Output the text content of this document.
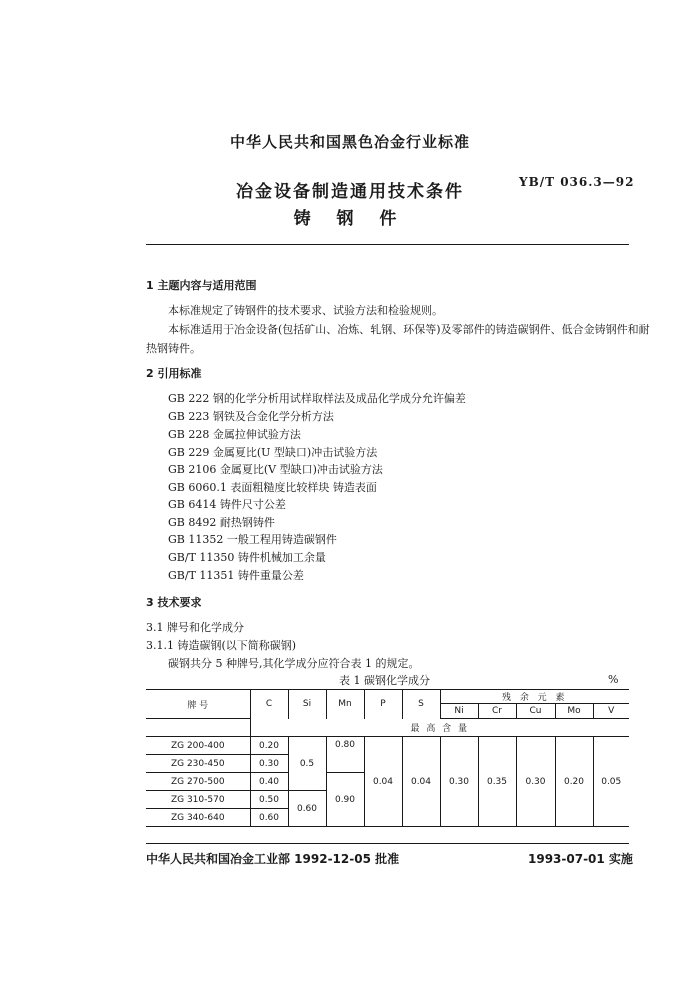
中华人民共和国黑色冶金行业标准
YB/T 036.3—92
冶金设备制造通用技术条件
铸 钢 件
1 主题内容与适用范围
本标准规定了铸钢件的技术要求、试验方法和检验规则。
本标准适用于冶金设备(包括矿山、冶炼、轧钢、环保等)及零部件的铸造碳钢件、低合金铸钢件和耐
热钢铸件。
2 引用标准
GB 222 钢的化学分析用试样取样法及成品化学成分允许偏差
GB 223 钢铁及合金化学分析方法
GB 228 金属拉伸试验方法
GB 229 金属夏比(U 型缺口)冲击试验方法
GB 2106 金属夏比(V 型缺口)冲击试验方法
GB 6060.1 表面粗糙度比较样块 铸造表面
GB 6414 铸件尺寸公差
GB 8492 耐热钢铸件
GB 11352 一般工程用铸造碳钢件
GB/T 11350 铸件机械加工余量
GB/T 11351 铸件重量公差
3 技术要求
3.1 牌号和化学成分
3.1.1 铸造碳钢(以下简称碳钢)
碳钢共分 5 种牌号,其化学成分应符合表 1 的规定。
表 1 碳钢化学成分	%
牌 号	C	Si	Mn	P	S	残 余 元 素				
						Ni	Cr	Cu	Mo	V
	最 高 含 量									
ZG 200-400	0.20	0.5	0.80	0.04	0.04	0.30	0.35	0.30	0.20	0.05
ZG 230-450	0.30									
ZG 270-500	0.40		0.90							
ZG 310-570	0.50	0.60								
ZG 340-640	0.60									
中华人民共和国冶金工业部 1992-12-05 批准	1993-07-01 实施
